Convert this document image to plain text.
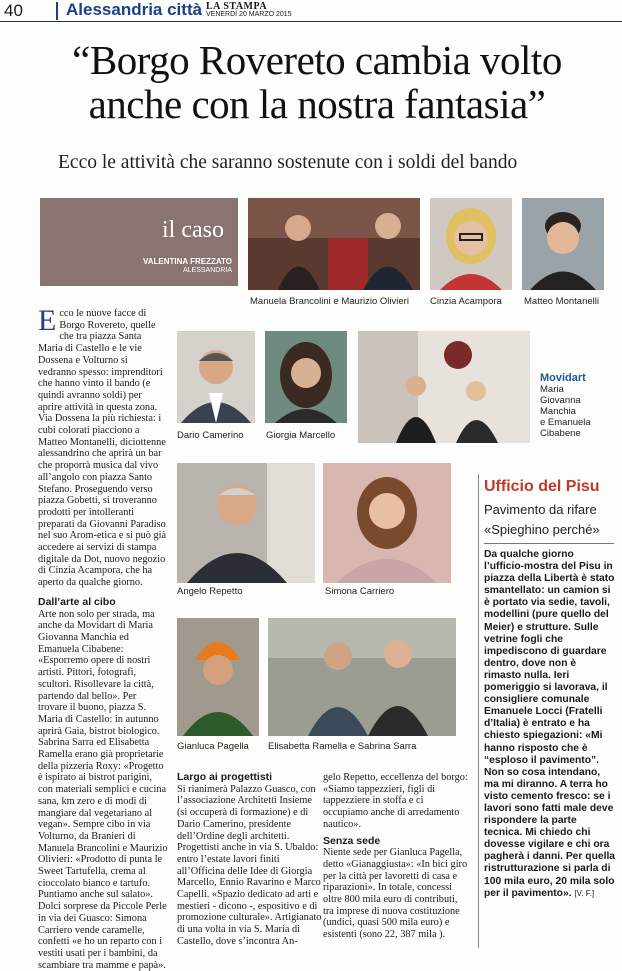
40	Alessandria città LA STAMPA
VENERDÌ 20 MARZO 2015
“Borgo Rovereto cambia volto
anche con la nostra fantasia”
Ecco le attività che saranno sostenute con i soldi del bando
il caso
VALENTINA FREZZATO
ALESSANDRIA
Manuela Brancolini e Maurizio Olivieri Cinzia Acampora Matteo Montanelli
Dario Camerino Giorgia Marcello
Movidart
Maria
Giovanna
Manchia
e Emanuela
Cibabene
Angelo Repetto	Simona Carriero
Gianluca Pagella Elisabetta Ramella e Sabrina Sarra
Ecco le nuove facce di Borgo Rovereto, quelle che tra piazza Santa Maria di Castello e le vie Dossena e Volturno si vedranno spesso: imprenditori che hanno vinto il bando (e quindi avranno soldi) per aprire attività in questa zona. Via Dossena la più richiesta: i cubi colorati piacciono a Matteo Montanelli, diciottenne alessandrino che aprirà un bar che proporrà musica dal vivo all’angolo con piazza Santo Stefano. Proseguendo verso piazza Gobetti, si troveranno prodotti per intolleranti preparati da Giovanni Paradiso nel suo Arom-etica e si può già accedere ai servizi di stampa digitale da Dot, nuovo negozio di Cinzia Acampora, che ha aperto da qualche giorno.
Dall’arte al cibo
Arte non solo per strada, ma anche da Movidart di Maria Giovanna Manchia ed Emanuela Cibabene: «Esporremo opere di nostri artisti. Pittori, fotografi, scultori. Risollevare la città, partendo dal bello». Per trovare il buono, piazza S. Maria di Castello: in autunno aprirà Gaia, bistrot biologico. Sabrina Sarra ed Elisabetta Ramella erano già proprietarie della pizzeria Roxy: «Progetto è ispirato ai bistrot parigini, con materiali semplici e cucina sana, km zero e di modi di mangiare dal vegetariano al vegan». Sempre cibo in via Volturno, da Branieri di Manuela Brancolini e Maurizio Olivieri: «Prodotto di punta le Sweet Tartufella, crema al cioccolato bianco e tartufo. Puntiamo anche sul salato». Dolci sorprese da Piccole Perle in via dei Guasco: Simona Carriero vende caramelle, confetti «e ho un reparto con i vestiti usati per i bambini, da scambiare tra mamme e papà».
Largo ai progettisti
Si rianimerà Palazzo Guasco, con l’associazione Architetti Insieme (si occuperà di formazione) e di Dario Camerino, presidente dell’Ordine degli architetti. Progettisti anche in via S. Ubaldo: entro l’estate lavori finiti all’Officina delle Idee di Giorgia Marcello, Ennio Ravarino e Marco Capelli. «Spazio dedicato ad arti e mestieri - dicono -, espositivo e di promozione culturale». Artigianato di una volta in via S. Maria di Castello, dove s’incontra An-
gelo Repetto, eccellenza del borgo: «Siamo tappezzieri, figli di tappezziere in stoffa e ci occupiamo anche di arredamento nautico».
Senza sede
Niente sede per Gianluca Pagella, detto «Gianaggiusta»: «In bici giro per la città per lavoretti di casa e riparazioni». In totale, concessi oltre 800 mila euro di contributi, tra imprese di nuova costituzione (undici, quasi 500 mila euro) e esistenti (sono 22, 387 mila ).
Ufficio del Pisu
Pavimento da rifare
«Spieghino perché»
Da qualche giorno l’ufficio-mostra del Pisu in piazza della Libertà è stato smantellato: un camion si è portato via sedie, tavoli, modellini (pure quello del Meier) e strutture. Sulle vetrine fogli che impediscono di guardare dentro, dove non è rimasto nulla. Ieri pomeriggio si lavorava, il consigliere comunale Emanuele Locci (Fratelli d’Italia) è entrato e ha chiesto spiegazioni: «Mi hanno risposto che è “esploso il pavimento”. Non so cosa intendano, ma mi diranno. A terra ho visto cemento fresco: se i lavori sono fatti male deve rispondere la parte tecnica. Mi chiedo chi dovesse vigilare e chi ora pagherà i danni. Per quella ristrutturazione si parla di 100 mila euro, 20 mila solo per il pavimento». [V. F.]
